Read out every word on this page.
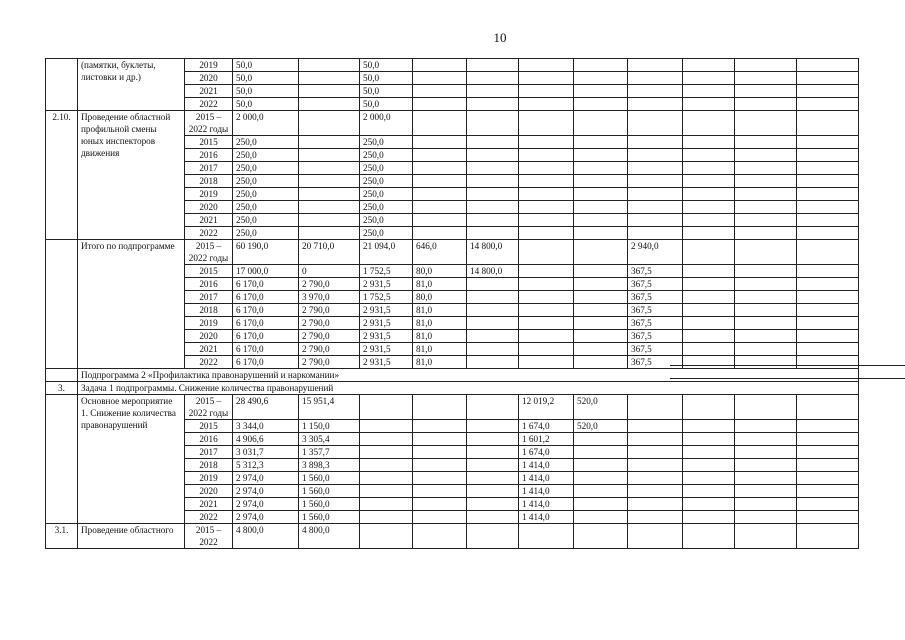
10
	(памятки, буклеты, листовки и др.)	2019	50,0		50,0								
		2020	50,0		50,0								
		2021	50,0		50,0								
		2022	50,0		50,0								
2.10.	Проведение областной профильной смены юных инспекторов движения	2015 – 2022 годы	2 000,0		2 000,0								
		2015	250,0		250,0								
		2016	250,0		250,0								
		2017	250,0		250,0								
		2018	250,0		250,0								
		2019	250,0		250,0								
		2020	250,0		250,0								
		2021	250,0		250,0								
		2022	250,0		250,0								
	Итого по подпрограмме	2015 – 2022 годы	60 190,0	20 710,0	21 094,0	646,0	14 800,0			2 940,0			
		2015	17 000,0	0	1 752,5	80,0	14 800,0			367,5			
		2016	6 170,0	2 790,0	2 931,5	81,0				367,5			
		2017	6 170,0	3 970,0	1 752,5	80,0				367,5			
		2018	6 170,0	2 790,0	2 931,5	81,0				367,5			
		2019	6 170,0	2 790,0	2 931,5	81,0				367,5			
		2020	6 170,0	2 790,0	2 931,5	81,0				367,5			
		2021	6 170,0	2 790,0	2 931,5	81,0				367,5			
		2022	6 170,0	2 790,0	2 931,5	81,0				367,5			
	Подпрограмма 2 «Профилактика правонарушений и наркомании»												
3.	Задача 1 подпрограммы. Снижение количества правонарушений												
	Основное мероприятие 1. Снижение количества правонарушений	2015 – 2022 годы	28 490,6	15 951,4				12 019,2	520,0				
		2015	3 344,0	1 150,0				1 674,0	520,0				
		2016	4 906,6	3 305,4				1 601,2					
		2017	3 031,7	1 357,7				1 674,0					
		2018	5 312,3	3 898,3				1 414,0					
		2019	2 974,0	1 560,0				1 414,0					
		2020	2 974,0	1 560,0				1 414,0					
		2021	2 974,0	1 560,0				1 414,0					
		2022	2 974,0	1 560,0				1 414,0					
3.1.	Проведение областного	2015 – 2022	4 800,0	4 800,0									
